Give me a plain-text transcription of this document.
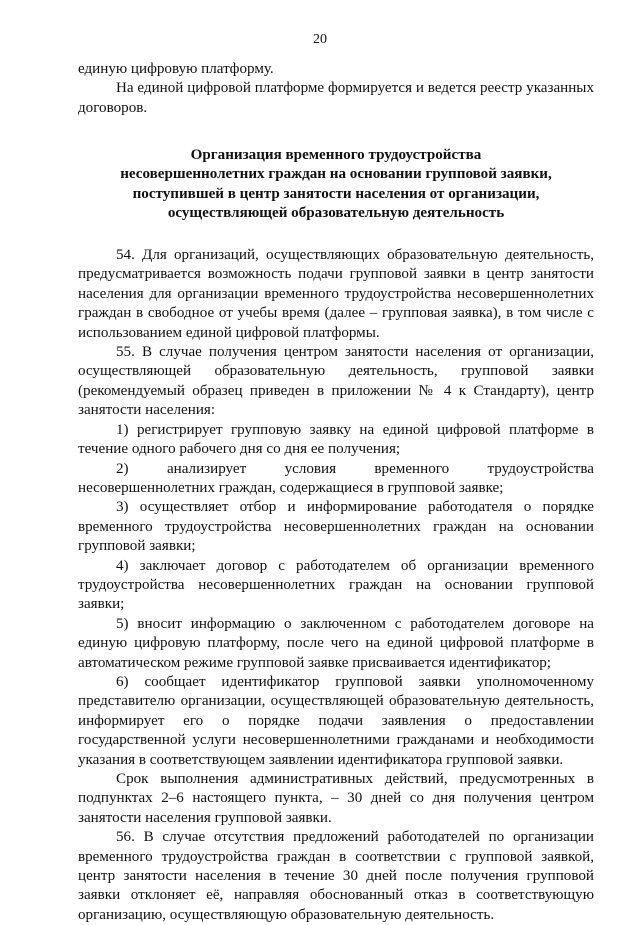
20

единую цифровую платформу.

На единой цифровой платформе формируется и ведется реестр указанных договоров.

Организация временного трудоустройства
несовершеннолетних граждан на основании групповой заявки,
поступившей в центр занятости населения от организации,
осуществляющей образовательную деятельность

54. Для организаций, осуществляющих образовательную деятельность, предусматривается возможность подачи групповой заявки в центр занятости населения для организации временного трудоустройства несовершеннолетних граждан в свободное от учебы время (далее – групповая заявка), в том числе с использованием единой цифровой платформы.

55. В случае получения центром занятости населения от организации, осуществляющей образовательную деятельность, групповой заявки (рекомендуемый образец приведен в приложении № 4 к Стандарту), центр занятости населения:

1) регистрирует групповую заявку на единой цифровой платформе в течение одного рабочего дня со дня ее получения;

2) анализирует условия временного трудоустройства несовершеннолетних граждан, содержащиеся в групповой заявке;

3) осуществляет отбор и информирование работодателя о порядке временного трудоустройства несовершеннолетних граждан на основании групповой заявки;

4) заключает договор с работодателем об организации временного трудоустройства несовершеннолетних граждан на основании групповой заявки;

5) вносит информацию о заключенном с работодателем договоре на единую цифровую платформу, после чего на единой цифровой платформе в автоматическом режиме групповой заявке присваивается идентификатор;

6) сообщает идентификатор групповой заявки уполномоченному представителю организации, осуществляющей образовательную деятельность, информирует его о порядке подачи заявления о предоставлении государственной услуги несовершеннолетними гражданами и необходимости указания в соответствующем заявлении идентификатора групповой заявки.

Срок выполнения административных действий, предусмотренных в подпунктах 2–6 настоящего пункта, – 30 дней со дня получения центром занятости населения групповой заявки.

56. В случае отсутствия предложений работодателей по организации временного трудоустройства граждан в соответствии с групповой заявкой, центр занятости населения в течение 30 дней после получения групповой заявки отклоняет её, направляя обоснованный отказ в соответствующую организацию, осуществляющую образовательную деятельность.
